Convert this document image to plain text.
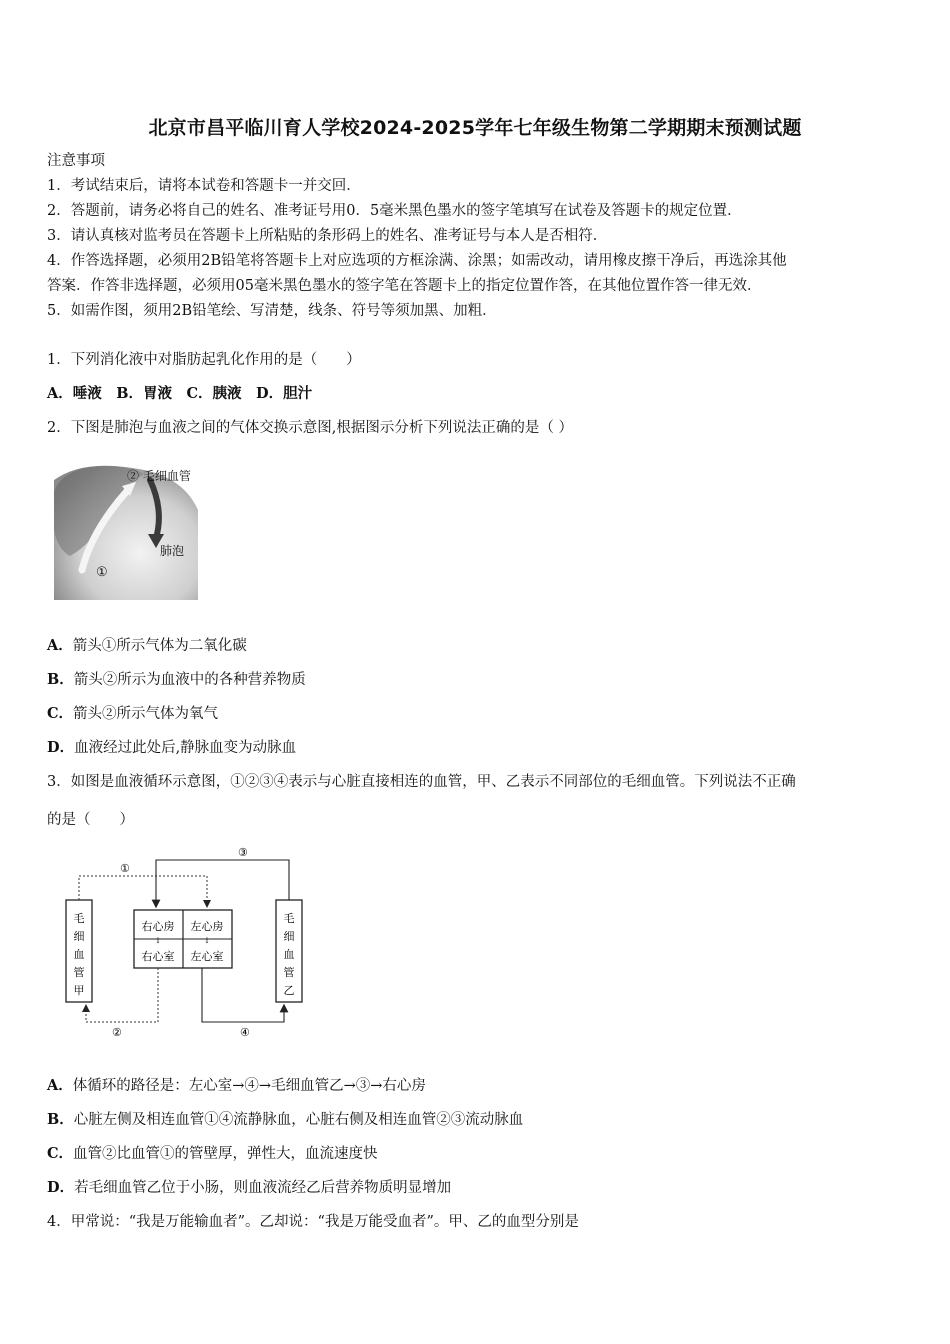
北京市昌平临川育人学校2024-2025学年七年级生物第二学期期末预测试题
注意事项
1．考试结束后，请将本试卷和答题卡一并交回．
2．答题前，请务必将自己的姓名、准考证号用0．5毫米黑色墨水的签字笔填写在试卷及答题卡的规定位置．
3．请认真核对监考员在答题卡上所粘贴的条形码上的姓名、准考证号与本人是否相符．
4．作答选择题，必须用2B铅笔将答题卡上对应选项的方框涂满、涂黑；如需改动，请用橡皮擦干净后，再选涂其他
答案．作答非选择题，必须用05毫米黑色墨水的签字笔在答题卡上的指定位置作答，在其他位置作答一律无效．
5．如需作图，须用2B铅笔绘、写清楚，线条、符号等须加黑、加粗．
1．下列消化液中对脂肪起乳化作用的是（　　）
A．唾液　B．胃液　C．胰液　D．胆汁
2．下图是肺泡与血液之间的气体交换示意图,根据图示分析下列说法正确的是（ ）
② 毛细血管
肺泡
①
A．箭头①所示气体为二氧化碳
B．箭头②所示为血液中的各种营养物质
C．箭头②所示气体为氧气
D．血液经过此处后,静脉血变为动脉血
3．如图是血液循环示意图，①②③④表示与心脏直接相连的血管，甲、乙表示不同部位的毛细血管。下列说法不正确
的是（　　）
毛
细
血
管
甲
毛
细
血
管
乙
右心房 左心房
右心室 左心室
↓	↓
①
③
②	④
A．体循环的路径是：左心室→④→毛细血管乙→③→右心房
B．心脏左侧及相连血管①④流静脉血，心脏右侧及相连血管②③流动脉血
C．血管②比血管①的管壁厚，弹性大，血流速度快
D．若毛细血管乙位于小肠，则血液流经乙后营养物质明显增加
4．甲常说：“我是万能输血者”。乙却说：“我是万能受血者”。甲、乙的血型分别是
